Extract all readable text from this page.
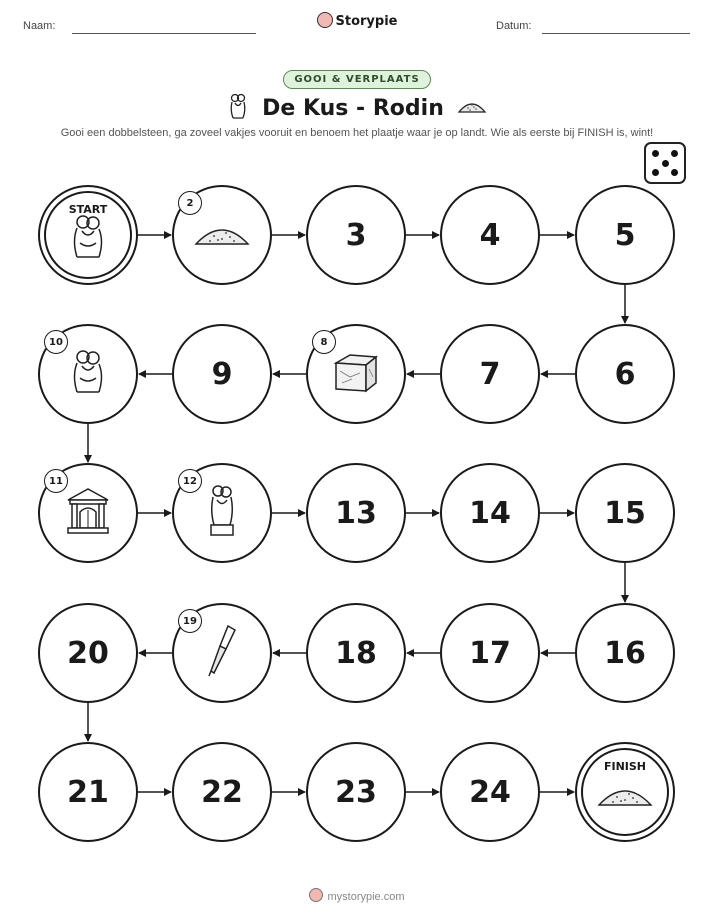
Naam:	Storypie	Datum:
GOOI & VERPLAATS
De Kus - Rodin
Gooi een dobbelsteen, ga zoveel vakjes vooruit en benoem het plaatje waar je op landt. Wie als eerste bij FINISH is, wint!
START	2
3	4	5
6
7
8
9
10
11	12
13	14	15
16
17
18
19
20
21	22	23	24
FINISH
mystorypie.com
